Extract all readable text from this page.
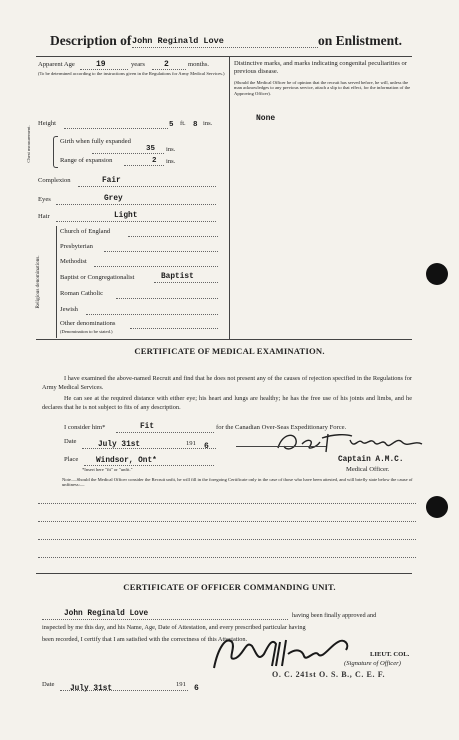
Description of John Reginald Love	on Enlistment.
Apparent Age	19	years 2	months.
(To be determined according to the instructions given in the Regulations for Army Medical Services.)
Height	5 ft. 8 ins.
Chest measurement.	Girth when fully expanded
35 ins.
Range of expansion	2 ins.
Complexion	Fair
Eyes	Grey
Hair	Light
Religious denominations.
Church of England
Presbyterian
Methodist
Baptist or Congregationalist	Baptist
Roman Catholic
Jewish
Other denominations
(Denomination to be stated.)
Distinctive marks, and marks indicating congenital peculiarities or previous disease.
(Should the Medical Officer be of opinion that the recruit has served before, he will, unless the man acknowledges to any previous service, attach a slip to that effect, for the information of the Approving Officer).
None
CERTIFICATE OF MEDICAL EXAMINATION.
I have examined the above-named Recruit and find that he does not present any of the causes of rejection specified in the Regulations for Army Medical Services.
He can see at the required distance with either eye; his heart and lungs are healthy; he has the free use of his joints and limbs, and he declares that he is not subject to fits of any description.
I consider him*	Fit	for the Canadian Over-Seas Expeditionary Force.
Date	July 31st	191 6
Place Windsor, Ont*	Captain A.M.C.
Medical Officer.
*Insert here "fit" or "unfit."
Note.—Should the Medical Officer consider the Recruit unfit, he will fill in the foregoing Certificate only in the case of those who have been attested, and will briefly state below the cause of unfitness:—
CERTIFICATE OF OFFICER COMMANDING UNIT.
John Reginald Love	having been finally approved and
inspected by me this day, and his Name, Age, Date of Attestation, and every prescribed particular having
been recorded, I certify that I am satisfied with the correctness of this Attestation.
LIEUT. COL.
(Signature of Officer)
O. C. 241st O. S. B., C. E. F.
Date
July 31st
191 6
